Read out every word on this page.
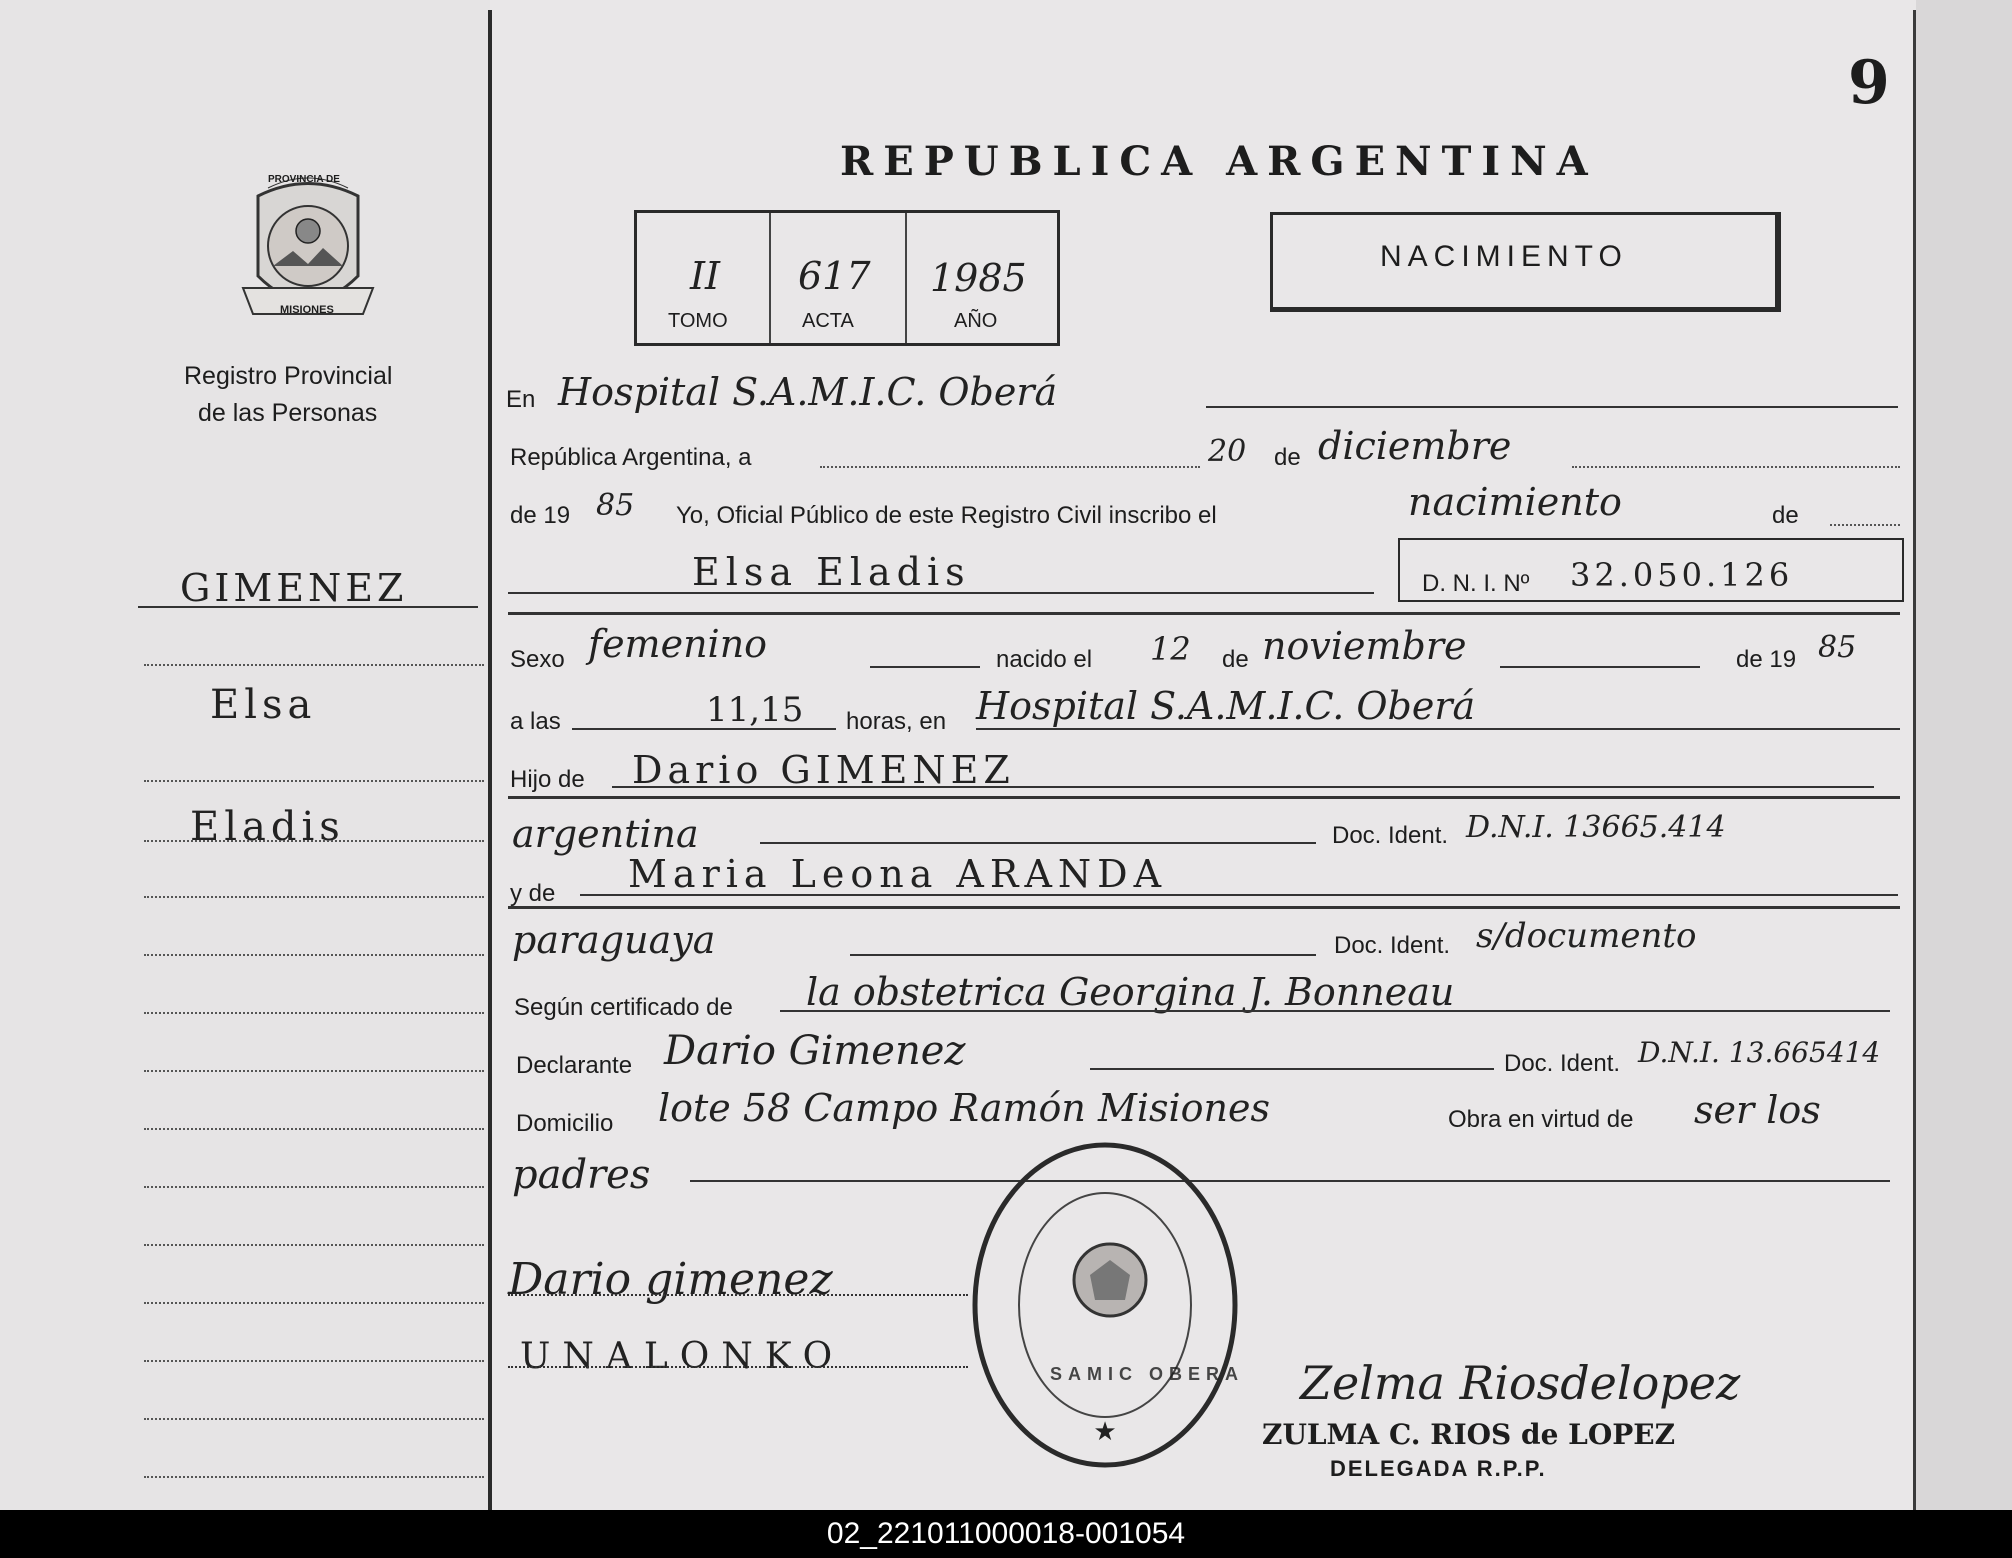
9
REPUBLICA ARGENTINA
PROVINCIA DE
MISIONES
Registro Provincial
de las Personas
II 617 1985
TOMO	ACTA	AÑO
NACIMIENTO
GIMENEZ
Elsa
Eladis
En Hospital S.A.M.I.C. Oberá
República Argentina, a	20 de diciembre
de 19 85 Yo, Oficial Público de este Registro Civil inscribo el	nacimiento	de
Elsa Eladis	D. N. I. Nº 32.050.126
Sexo femenino	nacido el 12 de noviembre	de 19 85
a las	11,15 horas, en Hospital S.A.M.I.C. Oberá
Hijo de Dario GIMENEZ
argentina	Doc. Ident. D.N.I. 13665.414
y de Maria Leona ARANDA
paraguaya	Doc. Ident. s/documento
Según certificado de la obstetrica Georgina J. Bonneau
Declarante Dario Gimenez	Doc. Ident. D.N.I. 13.665414
Domicilio lote 58 Campo Ramón Misiones	Obra en virtud de ser los
padres
★
SAMIC OBERA
Dario gimenez
UNALONKO	Zelma Riosdelopez
ZULMA C. RIOS de LOPEZ
DELEGADA R.P.P.
02_221011000018-001054
